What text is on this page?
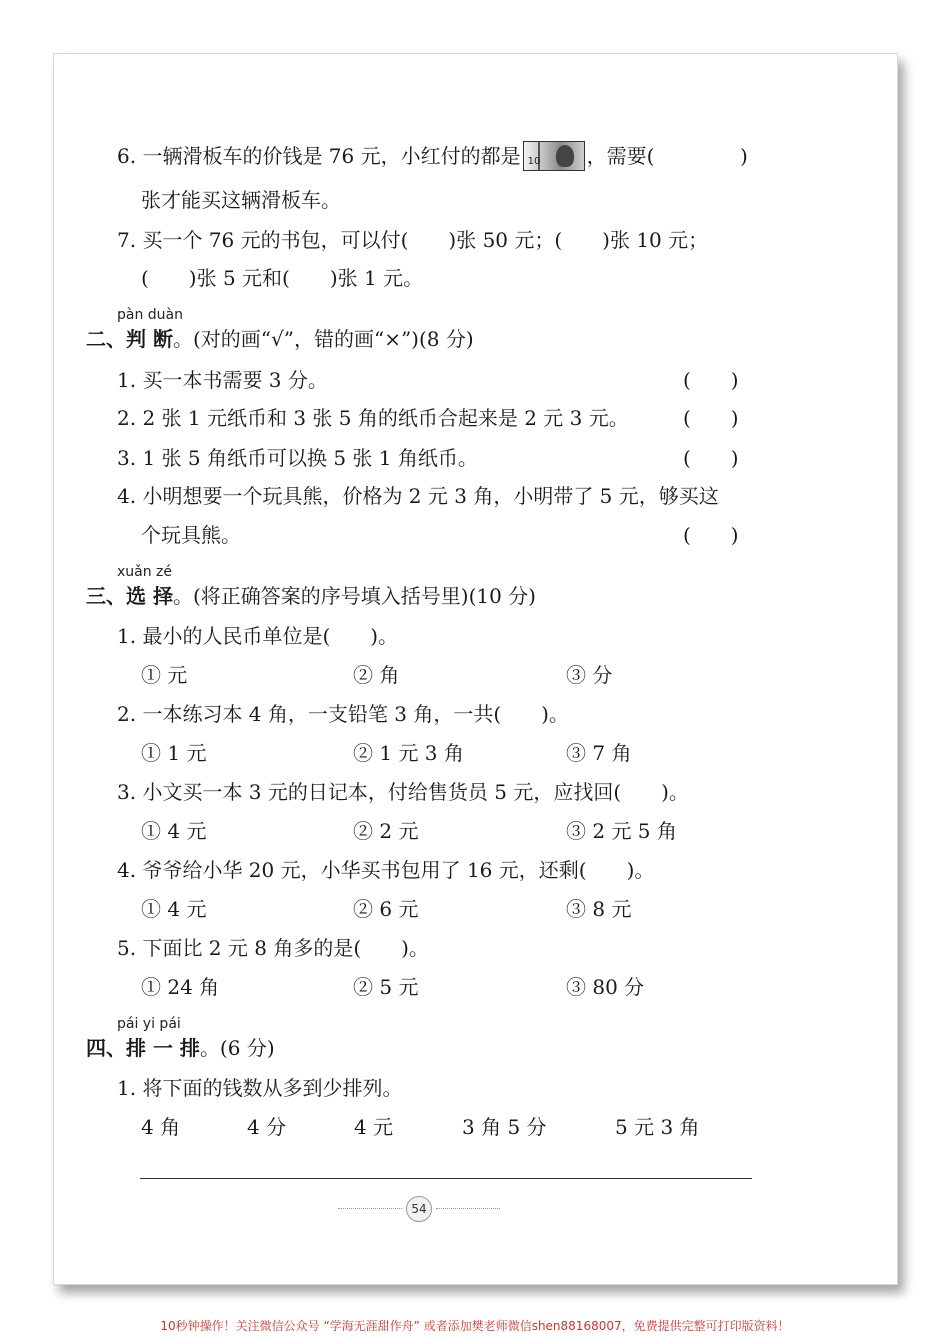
6. 一辆滑板车的价钱是 76 元，小红付的都是 10 ，需要(	)
张才能买这辆滑板车。
7. 买一个 76 元的书包，可以付(　　)张 50 元；(　　)张 10 元；
(　　)张 5 元和(　　)张 1 元。
pàn duàn
二、判 断。(对的画“√”，错的画“×”)(8 分)
1. 买一本书需要 3 分。	(　　)
2. 2 张 1 元纸币和 3 张 5 角的纸币合起来是 2 元 3 元。	(　　)
3. 1 张 5 角纸币可以换 5 张 1 角纸币。	(　　)
4. 小明想要一个玩具熊，价格为 2 元 3 角，小明带了 5 元，够买这
个玩具熊。	(　　)
xuǎn zé
三、选 择。(将正确答案的序号填入括号里)(10 分)
1. 最小的人民币单位是(　　)。
① 元	② 角	③ 分
2. 一本练习本 4 角，一支铅笔 3 角，一共(　　)。
① 1 元	② 1 元 3 角	③ 7 角
3. 小文买一本 3 元的日记本，付给售货员 5 元，应找回(　　)。
① 4 元	② 2 元	③ 2 元 5 角
4. 爷爷给小华 20 元，小华买书包用了 16 元，还剩(　　)。
① 4 元	② 6 元	③ 8 元
5. 下面比 2 元 8 角多的是(　　)。
① 24 角	② 5 元	③ 80 分
pái yi pái
四、排 一 排。(6 分)
1. 将下面的钱数从多到少排列。
4 角	4 分	4 元	3 角 5 分	5 元 3 角
54
10秒钟操作！关注微信公众号 “学海无涯甜作舟” 或者添加樊老师微信shen88168007，免费提供完整可打印版资料！
